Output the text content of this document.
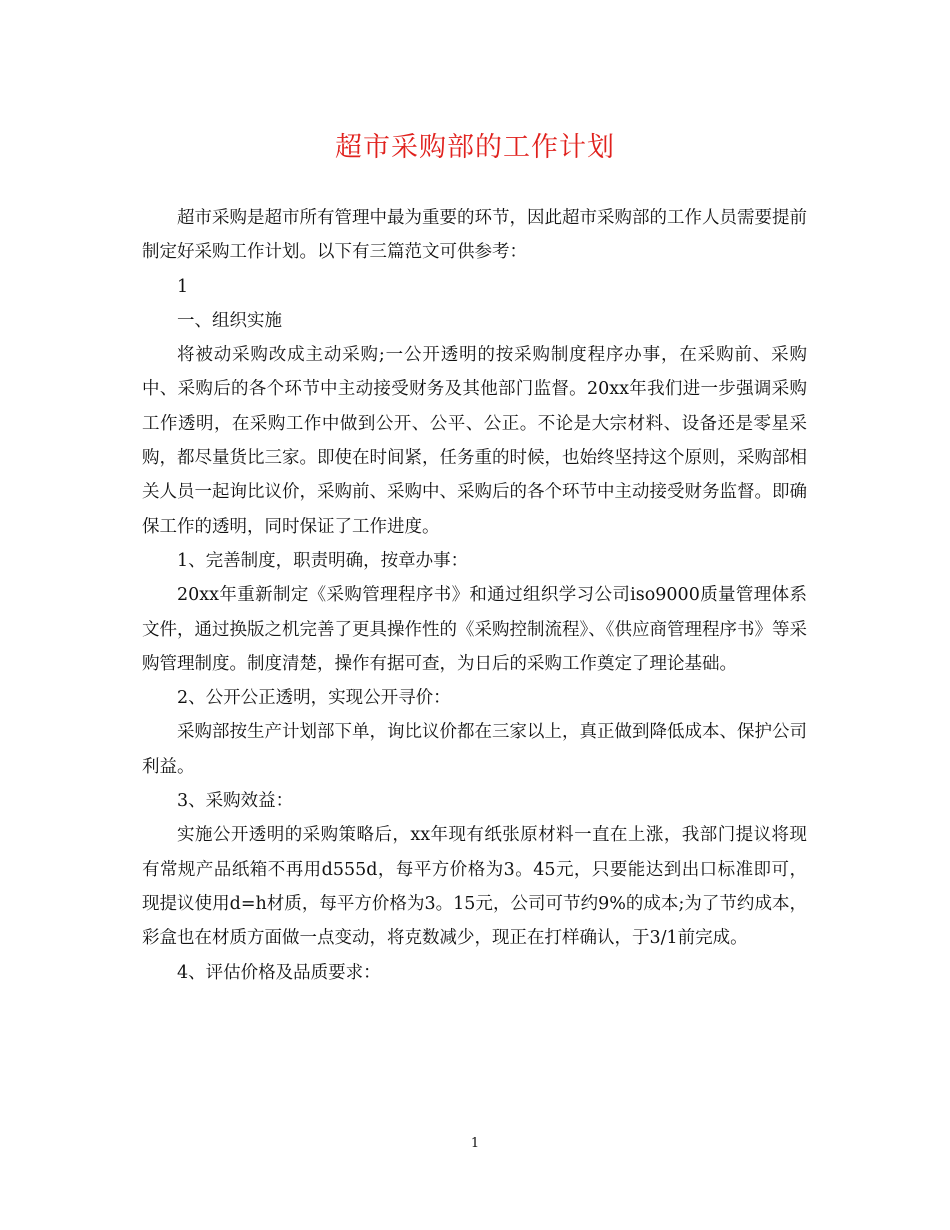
超市采购部的工作计划

超市采购是超市所有管理中最为重要的环节，因此超市采购部的工作人员需要提前制定好采购工作计划。以下有三篇范文可供参考：

1

一、组织实施

将被动采购改成主动采购;一公开透明的按采购制度程序办事，在采购前、采购中、采购后的各个环节中主动接受财务及其他部门监督。20xx年我们进一步强调采购工作透明，在采购工作中做到公开、公平、公正。不论是大宗材料、设备还是零星采购，都尽量货比三家。即使在时间紧，任务重的时候，也始终坚持这个原则，采购部相关人员一起询比议价，采购前、采购中、采购后的各个环节中主动接受财务监督。即确保工作的透明，同时保证了工作进度。

1、完善制度，职责明确，按章办事：

20xx年重新制定《采购管理程序书》和通过组织学习公司iso9000质量管理体系文件，通过换版之机完善了更具操作性的《采购控制流程》、《供应商管理程序书》等采购管理制度。制度清楚，操作有据可查，为日后的采购工作奠定了理论基础。

2、公开公正透明，实现公开寻价：

采购部按生产计划部下单，询比议价都在三家以上，真正做到降低成本、保护公司利益。

3、采购效益：

实施公开透明的采购策略后，xx年现有纸张原材料一直在上涨，我部门提议将现有常规产品纸箱不再用d555d，每平方价格为3。45元，只要能达到出口标准即可，现提议使用d=h材质，每平方价格为3。15元，公司可节约9%的成本;为了节约成本，彩盒也在材质方面做一点变动，将克数减少，现正在打样确认，于3/1前完成。

4、评估价格及品质要求：

1
